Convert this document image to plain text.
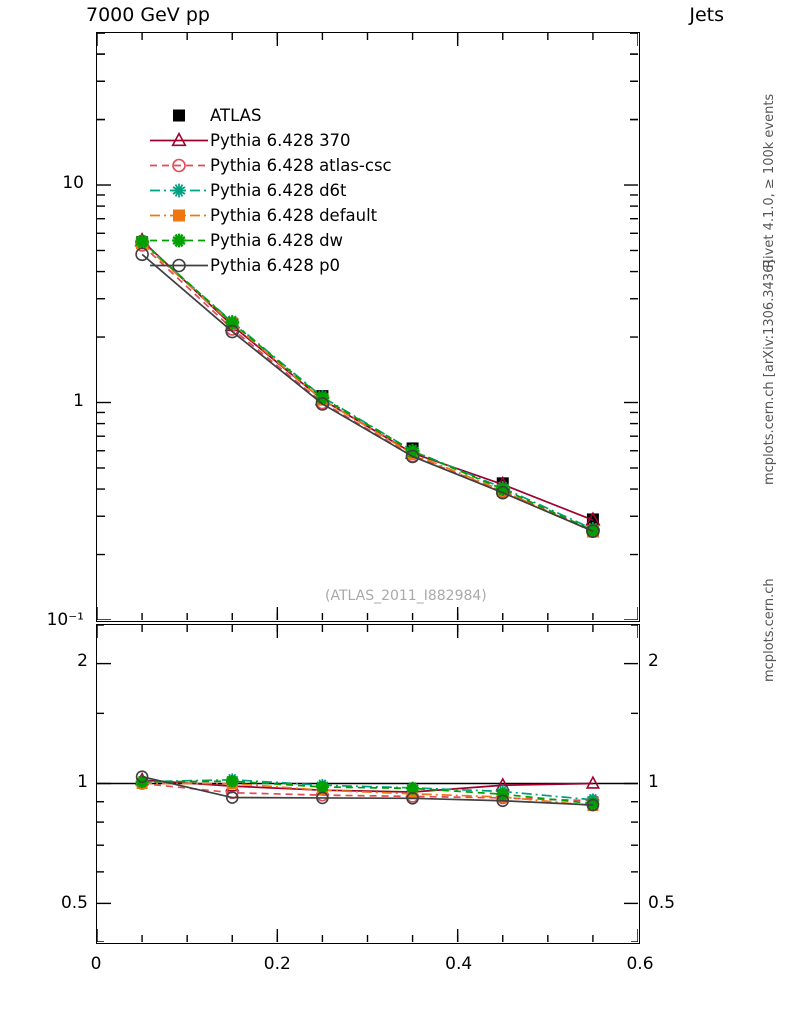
7000 GeV pp	Jets
Rivet 4.1.0, ≥ 100k events
mcplots.cern.ch [arXiv:1306.3436]
mcplots.cern.ch
(ATLAS_2011_I882984)
ATLAS
Pythia 6.428 370
Pythia 6.428 atlas-csc
Pythia 6.428 d6t
Pythia 6.428 default
Pythia 6.428 dw
Pythia 6.428 p0
10⁻¹
1
10
0.5	0.5
1	1
2	2
0	0.2	0.4	0.6
